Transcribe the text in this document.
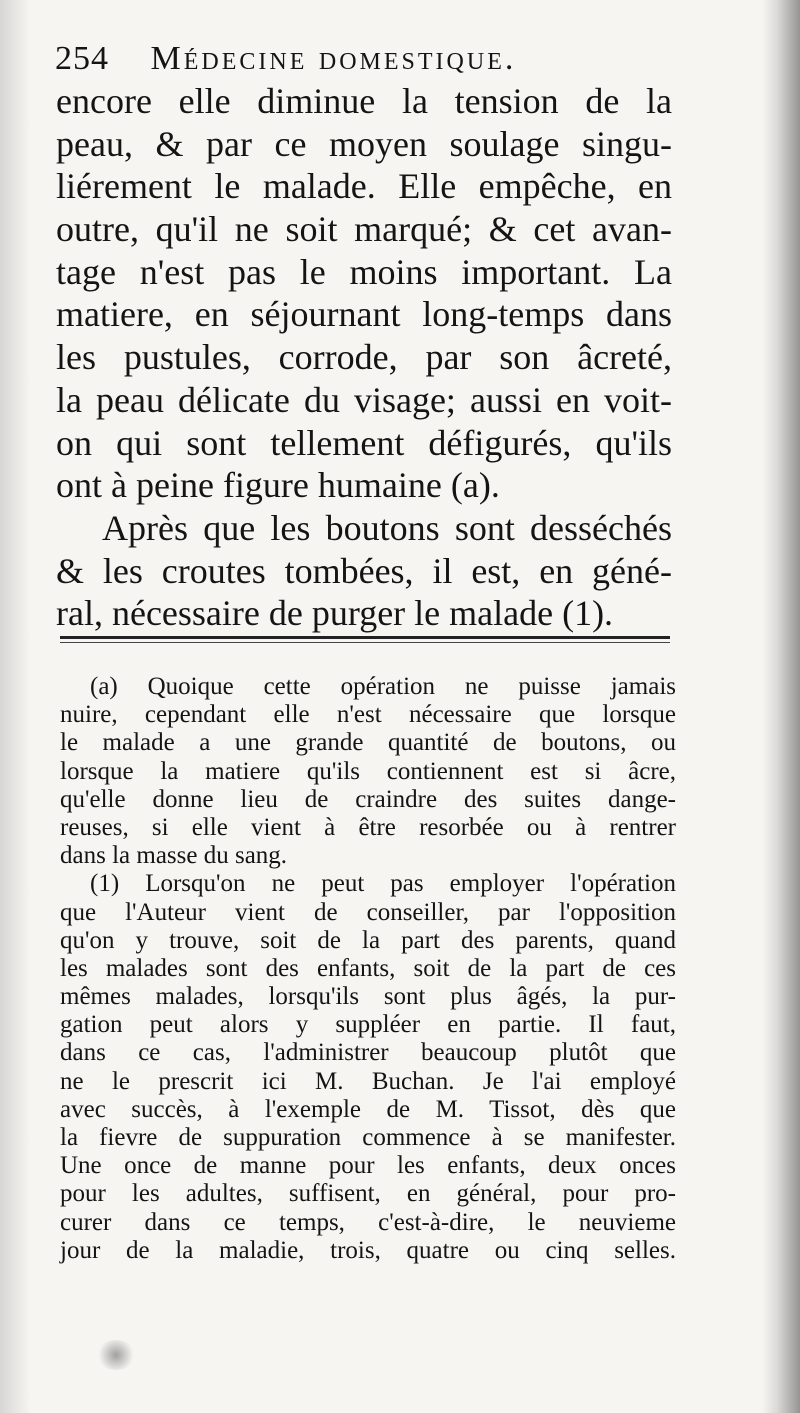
254 Médecine domestique.
encore elle diminue la tension de la
peau, & par ce moyen soulage singu-
liérement le malade. Elle empêche, en
outre, qu'il ne soit marqué; & cet avan-
tage n'est pas le moins important. La
matiere, en séjournant long-temps dans
les pustules, corrode, par son âcreté,
la peau délicate du visage; aussi en voit-
on qui sont tellement défigurés, qu'ils
ont à peine figure humaine (a).
Après que les boutons sont desséchés
& les croutes tombées, il est, en géné-
ral, nécessaire de purger le malade (1).
(a) Quoique cette opération ne puisse jamais
nuire, cependant elle n'est nécessaire que lorsque
le malade a une grande quantité de boutons, ou
lorsque la matiere qu'ils contiennent est si âcre,
qu'elle donne lieu de craindre des suites dange-
reuses, si elle vient à être resorbée ou à rentrer
dans la masse du sang.
(1) Lorsqu'on ne peut pas employer l'opération
que l'Auteur vient de conseiller, par l'opposition
qu'on y trouve, soit de la part des parents, quand
les malades sont des enfants, soit de la part de ces
mêmes malades, lorsqu'ils sont plus âgés, la pur-
gation peut alors y suppléer en partie. Il faut,
dans ce cas, l'administrer beaucoup plutôt que
ne le prescrit ici M. Buchan. Je l'ai employé
avec succès, à l'exemple de M. Tissot, dès que
la fievre de suppuration commence à se manifester.
Une once de manne pour les enfants, deux onces
pour les adultes, suffisent, en général, pour pro-
curer dans ce temps, c'est-à-dire, le neuvieme
jour de la maladie, trois, quatre ou cinq selles.
